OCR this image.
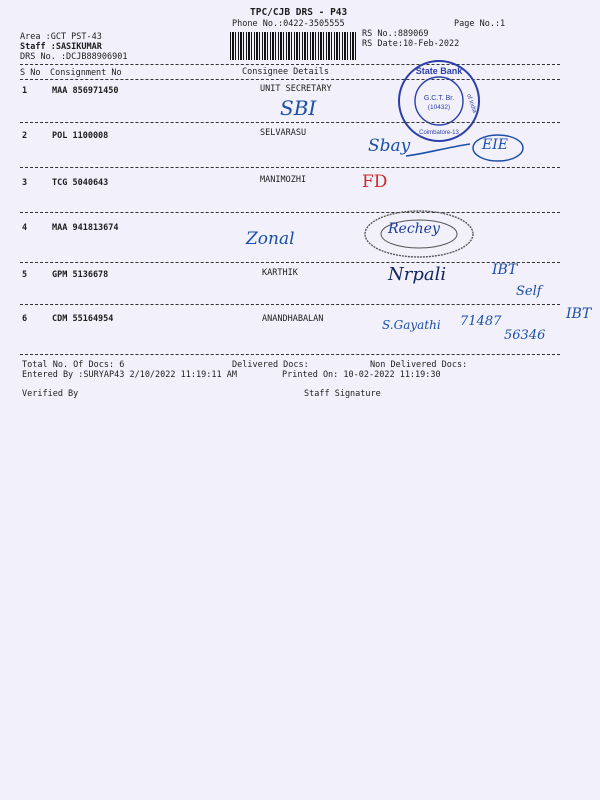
TPC/CJB DRS - P43
Phone No.:0422-3505555	Page No.:1
Area :GCT PST-43
Staff :SASIKUMAR
DRS No. :DCJB88906901
RS No.:889069
RS Date:10-Feb-2022
S No Consignment No	Consignee Details
1	MAA 856971450	UNIT SECRETARY
SBI
State Bank
of India
G.C.T. Br.
(10432)
Coimbatore-13
2	POL 1100008	SELVARASU
Sbay	EIE
3	TCG 5040643	MANIMOZHI	FD
4	MAA 941813674
Zonal	Rechey
5	GPM 5136678	KARTHIK	Nrpali	IBT
Self
6	CDM 55164954	ANANDHABALAN	S.Gayathi 71487
56346
IBT
Total No. Of Docs: 6	Delivered Docs:	Non Delivered Docs:
Entered By :SURYAP43 2/10/2022 11:19:11 AM	Printed On: 10-02-2022 11:19:30
Verified By	Staff Signature
